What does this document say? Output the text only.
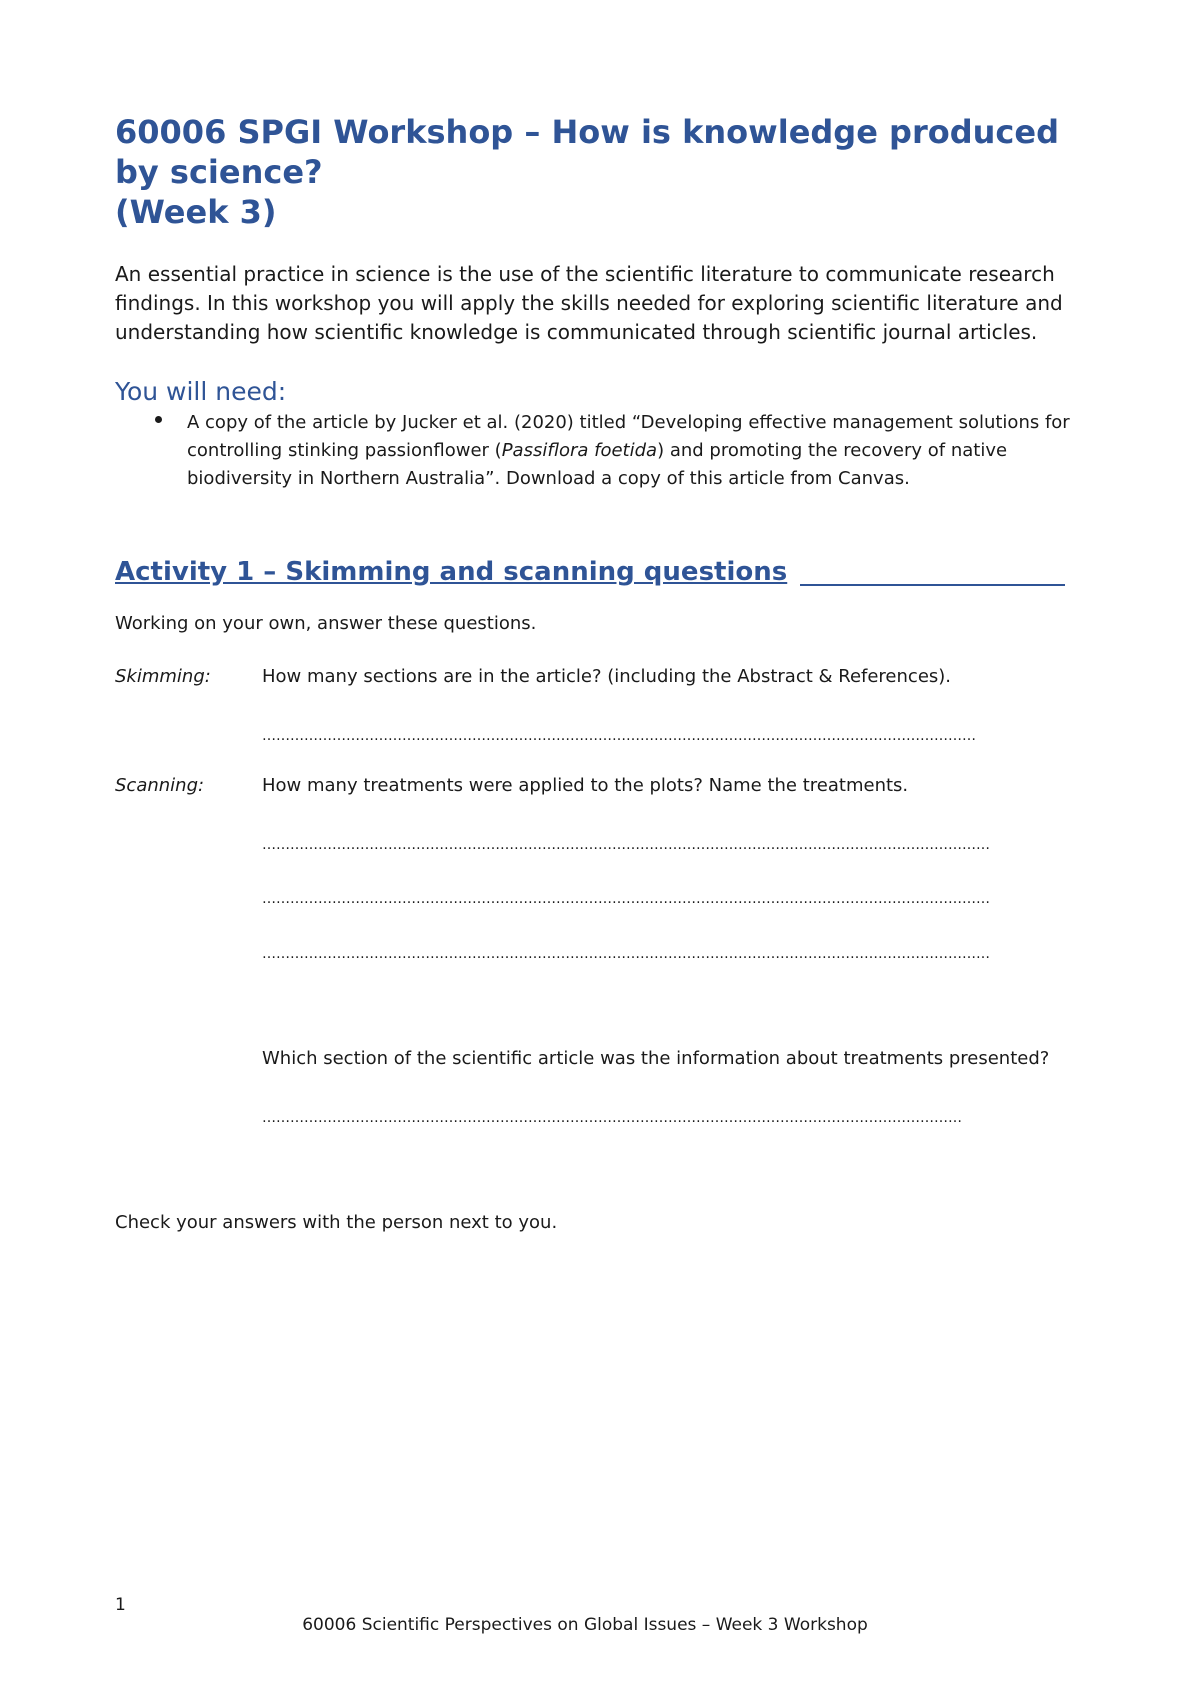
60006 SPGI Workshop – How is knowledge produced
by science?
(Week 3)
An essential practice in science is the use of the scientific literature to communicate research
findings. In this workshop you will apply the skills needed for exploring scientific literature and
understanding how scientific knowledge is communicated through scientific journal articles.
You will need:
A copy of the article by Jucker et al. (2020) titled “Developing effective management solutions for
controlling stinking passionflower (Passiflora foetida) and promoting the recovery of native
biodiversity in Northern Australia”. Download a copy of this article from Canvas.
Activity 1 – Skimming and scanning questions
Working on your own, answer these questions.
Skimming:	How many sections are in the article? (including the Abstract & References).
………………………………………………………………………………………………………………………………………
Scanning:	How many treatments were applied to the plots? Name the treatments.
…………………………………………………………………………………………………………………………………………
…………………………………………………………………………………………………………………………………………
…………………………………………………………………………………………………………………………………………
Which section of the scientific article was the information about treatments presented?
……………………………………………………………………………………………………………………………………
Check your answers with the person next to you.
1
60006 Scientific Perspectives on Global Issues – Week 3 Workshop
